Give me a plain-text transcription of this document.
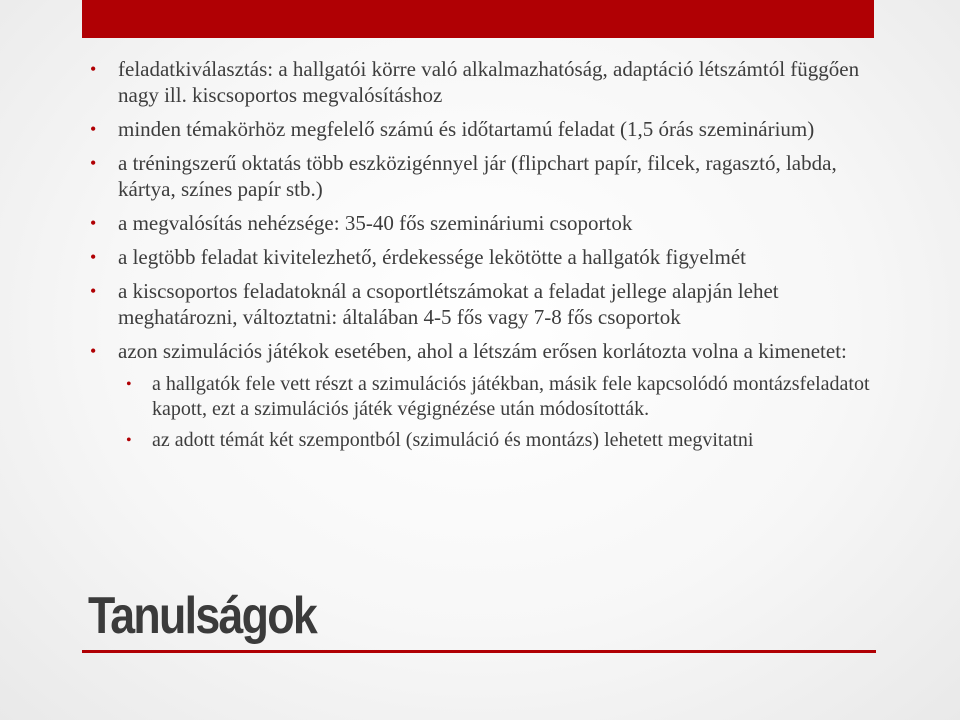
• feladatkiválasztás: a hallgatói körre való alkalmazhatóság, adaptáció létszámtól függően nagy ill. kiscsoportos megvalósításhoz
• minden témakörhöz megfelelő számú és időtartamú feladat (1,5 órás szeminárium)
• a tréningszerű oktatás több eszközigénnyel jár (flipchart papír, filcek, ragasztó, labda, kártya, színes papír stb.)
• a megvalósítás nehézsége: 35-40 fős szemináriumi csoportok
• a legtöbb feladat kivitelezhető, érdekessége lekötötte a hallgatók figyelmét
• a kiscsoportos feladatoknál a csoportlétszámokat a feladat jellege alapján lehet meghatározni, változtatni: általában 4-5 fős vagy 7-8 fős csoportok
• azon szimulációs játékok esetében, ahol a létszám erősen korlátozta volna a kimenetet:
• a hallgatók fele vett részt a szimulációs játékban, másik fele kapcsolódó montázsfeladatot kapott, ezt a szimulációs játék végignézése után módosították.
• az adott témát két szempontból (szimuláció és montázs) lehetett megvitatni
Tanulságok
